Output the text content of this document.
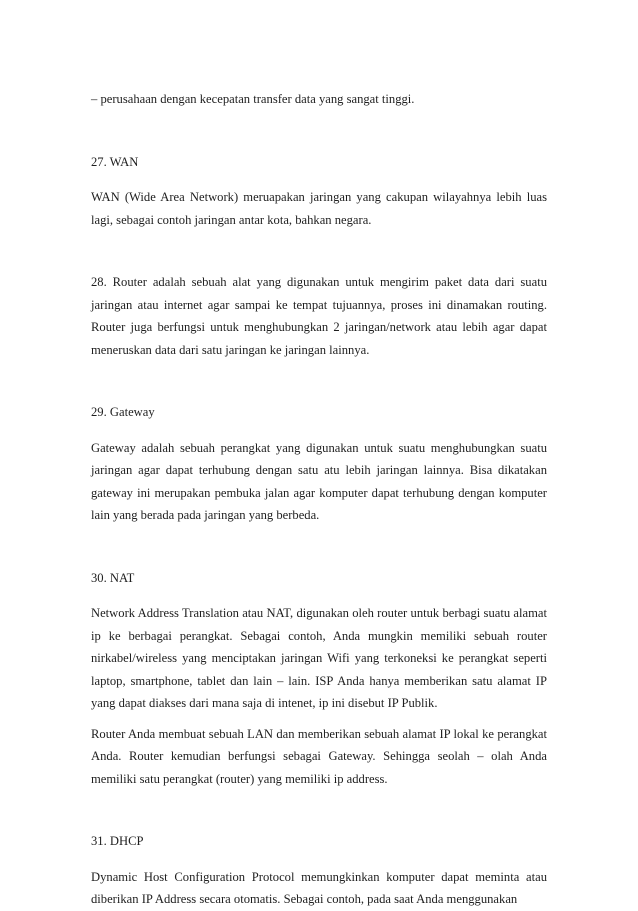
– perusahaan dengan kecepatan transfer data yang sangat tinggi.

27. WAN

WAN (Wide Area Network) meruapakan jaringan yang cakupan wilayahnya lebih luas lagi, sebagai contoh jaringan antar kota, bahkan negara.

28. Router adalah sebuah alat yang digunakan untuk mengirim paket data dari suatu jaringan atau internet agar sampai ke tempat tujuannya, proses ini dinamakan routing. Router juga berfungsi untuk menghubungkan 2 jaringan/network atau lebih agar dapat meneruskan data dari satu jaringan ke jaringan lainnya.

29. Gateway

Gateway adalah sebuah perangkat yang digunakan untuk suatu menghubungkan suatu jaringan agar dapat terhubung dengan satu atu lebih jaringan lainnya. Bisa dikatakan gateway ini merupakan pembuka jalan agar komputer dapat terhubung dengan komputer lain yang berada pada jaringan yang berbeda.

30. NAT

Network Address Translation atau NAT, digunakan oleh router untuk berbagi suatu alamat ip ke berbagai perangkat. Sebagai contoh, Anda mungkin memiliki sebuah router nirkabel/wireless yang menciptakan jaringan Wifi yang terkoneksi ke perangkat seperti laptop, smartphone, tablet dan lain – lain. ISP Anda hanya memberikan satu alamat IP yang dapat diakses dari mana saja di intenet, ip ini disebut IP Publik.

Router Anda membuat sebuah LAN dan memberikan sebuah alamat IP lokal ke perangkat Anda. Router kemudian berfungsi sebagai Gateway. Sehingga seolah – olah Anda memiliki satu perangkat (router) yang memiliki ip address.

31. DHCP

Dynamic Host Configuration Protocol memungkinkan komputer dapat meminta atau diberikan IP Address secara otomatis. Sebagai contoh, pada saat Anda menggunakan
